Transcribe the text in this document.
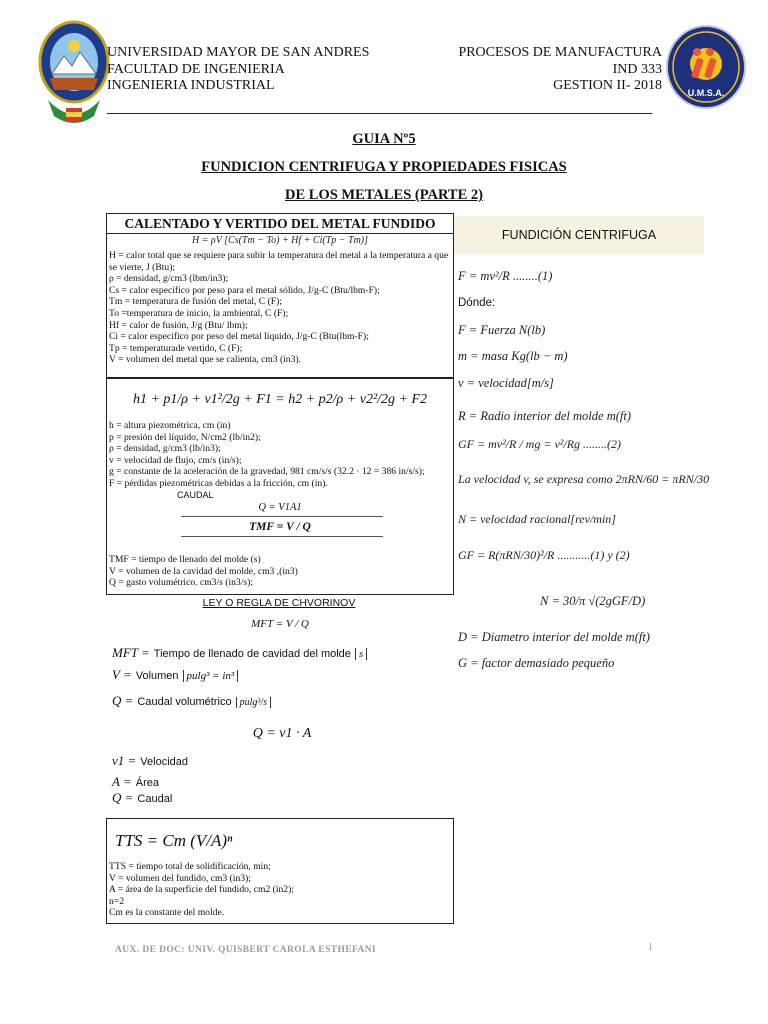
UNIVERSIDAD MAYOR DE SAN ANDRES
FACULTAD DE INGENIERIA
INGENIERIA INDUSTRIAL
PROCESOS DE MANUFACTURA
IND 333
GESTION II- 2018	U.M.S.A.
GUIA Nº5
FUNDICION CENTRIFUGA Y PROPIEDADES FISICAS
DE LOS METALES (PARTE 2)
CALENTADO Y VERTIDO DEL METAL FUNDIDO
H = ρV [Cs(Tm − To) + Hf + Ci(Tp − Tm)]
H = calor total que se requiere para subir la temperatura del metal a la temperatura a que se vierte, J (Btu);
ρ = densidad, g/cm3 (lbm/in3);
Cs = calor específico por peso para el metal sólido, J/g-C (Btu/lbm-F);
Tm = temperatura de fusión del metal, C (F);
To =temperatura de inicio, la ambiental, C (F);
Hf = calor de fusión, J/g (Btu/ lbm);
Ci = calor específico por peso del metal líquido, J/g-C (Btu(lbm-F);
Tp = temperaturade vertido, C (F);
V = volumen del metal que se calienta, cm3 (in3).
h1 + p1/ρ + v1²/2g + F1 = h2 + p2/ρ + v2²/2g + F2
h = altura piezométrica, cm (in)
p = presión del líquido, N/cm2 (lb/in2);
ρ = densidad, g/cm3 (lb/in3);
v = velocidad de flujo, cm/s (in/s);
g = constante de la aceleración de la gravedad, 981 cm/s/s (32.2 · 12 = 386 in/s/s);
F = pérdidas piezométricas debidas a la fricción, cm (in).
CAUDAL
Q = V1A1
TMF = V / Q
TMF = tiempo de llenado del molde (s)
V = volumen de la cavidad del molde, cm3 ,(in3)
Q = gasto volumétrico. cm3/s (in3/s);
LEY O REGLA DE CHVORINOV
MFT = V / Q
MFT = Tiempo de llenado de cavidad del molde s
V = Volumen pulg³ = in³
Q = Caudal volumétrico pulg³/s
Q = v1 · A
v1 = Velocidad
A = Área
Q = Caudal
TTS = Cm (V/A)ⁿ
TTS = tiempo total de solidificación, min;
V = volumen del fundido, cm3 (in3);
A = área de la superficie del fundido, cm2 (in2);
n=2
Cm es la constante del molde.
FUNDICIÓN CENTRIFUGA
F = mv²/R ........(1)
Dónde:
F = Fuerza N(lb)
m = masa Kg(lb − m)
v = velocidad[m/s]
R = Radio interior del molde m(ft)
GF = mv²/R / mg = v²/Rg ........(2)
La velocidad v, se expresa como 2πRN/60 = πRN/30
N = velocidad racional[rev/min]
GF = R(πRN/30)²/R ...........(1) y (2)
N = 30/π √(2gGF/D)
D = Diametro interior del molde m(ft)
G = factor demasiado pequeño
AUX. DE DOC: UNIV. QUISBERT CAROLA ESTHEFANI	1
